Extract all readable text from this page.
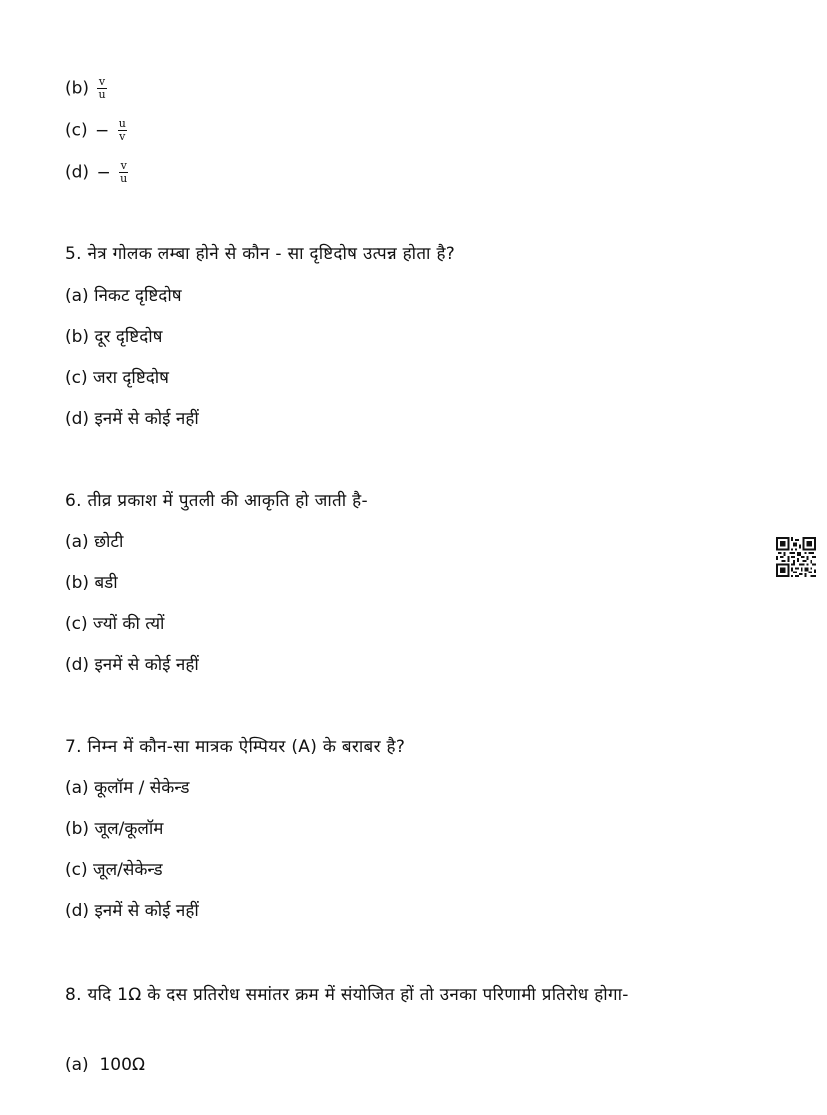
$(b) \frac{v}{u}$
$(c) - \frac{u}{v}$
$(d) - \frac{v}{u}$
5. नेत्र गोलक लम्बा होने से कौन - सा दृष्टिदोष उत्पन्न होता है?
(a) निकट दृष्टिदोष
(b) दूर दृष्टिदोष
(c) जरा दृष्टिदोष
(d) इनमें से कोई नहीं
6. तीव्र प्रकाश में पुतली की आकृति हो जाती है-
(a) छोटी
(b) बडी
(c) ज्यों की त्यों
(d) इनमें से कोई नहीं
7. निम्न में कौन-सा मात्रक ऐम्पियर (A) के बराबर है?
(a) कूलॉम / सेकेन्ड
(b) जूल/कूलॉम
(c) जूल/सेकेन्ड
(d) इनमें से कोई नहीं
8. यदि 1Ω के दस प्रतिरोध समांतर क्रम में संयोजित हों तो उनका परिणामी प्रतिरोध होगा-
(a)  100Ω
